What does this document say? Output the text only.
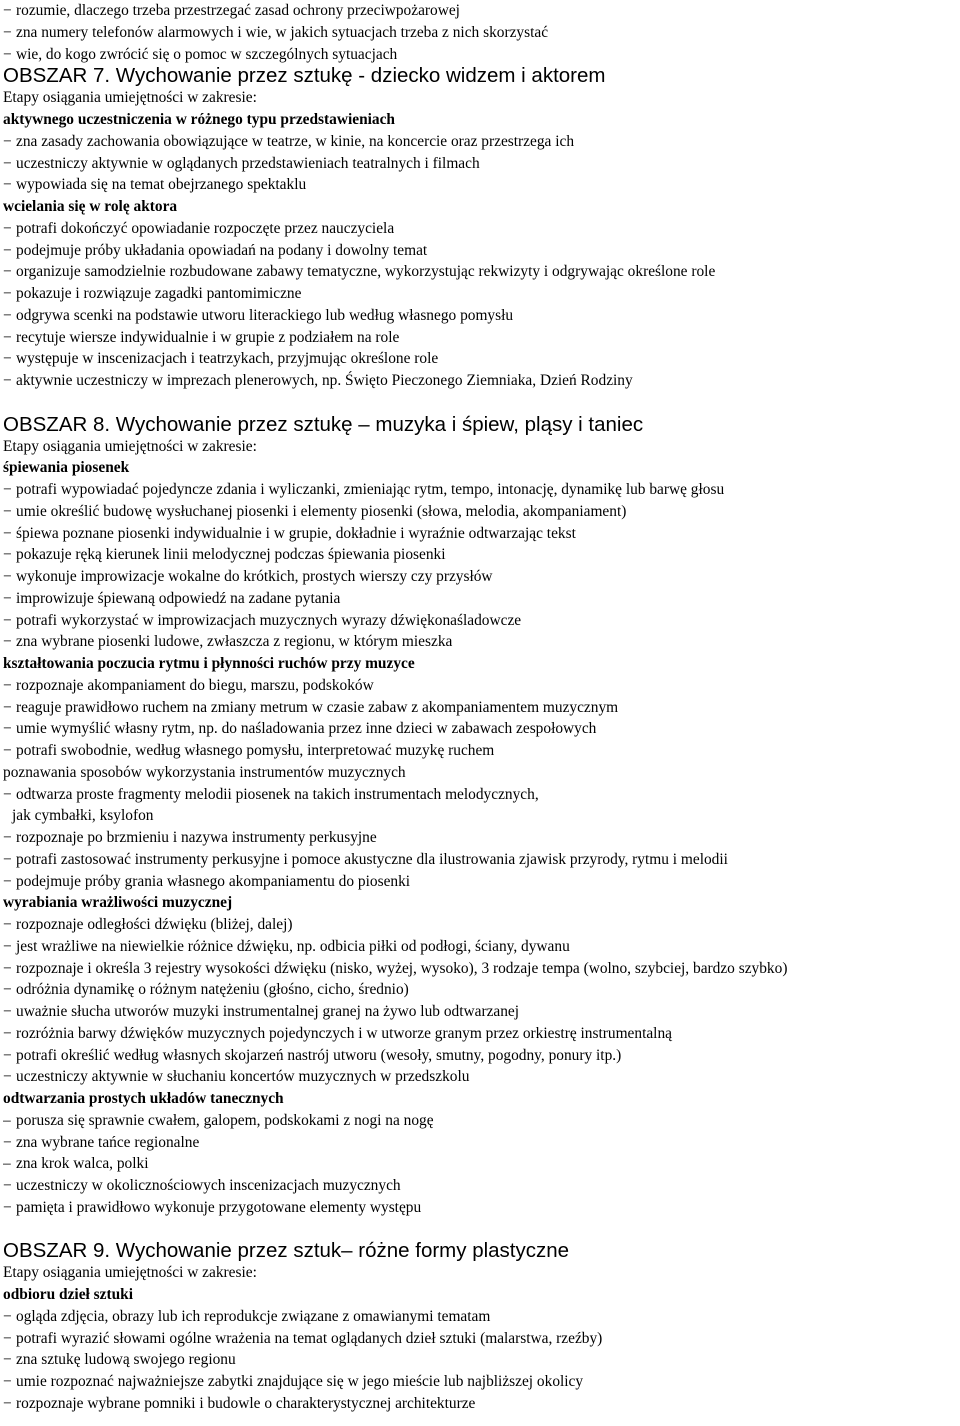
− rozumie, dlaczego trzeba przestrzegać zasad ochrony przeciwpożarowej
− zna numery telefonów alarmowych i wie, w jakich sytuacjach trzeba z nich skorzystać
− wie, do kogo zwrócić się o pomoc w szczególnych sytuacjach
OBSZAR 7. Wychowanie przez sztukę - dziecko widzem i aktorem
Etapy osiągania umiejętności w zakresie:
aktywnego uczestniczenia w różnego typu przedstawieniach
− zna zasady zachowania obowiązujące w teatrze, w kinie, na koncercie oraz przestrzega ich
− uczestniczy aktywnie w oglądanych przedstawieniach teatralnych i filmach
− wypowiada się na temat obejrzanego spektaklu
wcielania się w rolę aktora
− potrafi dokończyć opowiadanie rozpoczęte przez nauczyciela
− podejmuje próby układania opowiadań na podany i dowolny temat
− organizuje samodzielnie rozbudowane zabawy tematyczne, wykorzystując rekwizyty i odgrywając określone role
− pokazuje i rozwiązuje zagadki pantomimiczne
− odgrywa scenki na podstawie utworu literackiego lub według własnego pomysłu
− recytuje wiersze indywidualnie i w grupie z podziałem na role
− występuje w inscenizacjach i teatrzykach, przyjmując określone role
− aktywnie uczestniczy w imprezach plenerowych, np. Święto Pieczonego Ziemniaka, Dzień Rodziny
OBSZAR 8. Wychowanie przez sztukę – muzyka i śpiew, pląsy i taniec
Etapy osiągania umiejętności w zakresie:
śpiewania piosenek
− potrafi wypowiadać pojedyncze zdania i wyliczanki, zmieniając rytm, tempo, intonację, dynamikę lub barwę głosu
− umie określić budowę wysłuchanej piosenki i elementy piosenki (słowa, melodia, akompaniament)
− śpiewa poznane piosenki indywidualnie i w grupie, dokładnie i wyraźnie odtwarzając tekst
− pokazuje ręką kierunek linii melodycznej podczas śpiewania piosenki
− wykonuje improwizacje wokalne do krótkich, prostych wierszy czy przysłów
− improwizuje śpiewaną odpowiedź na zadane pytania
− potrafi wykorzystać w improwizacjach muzycznych wyrazy dźwiękonaśladowcze
− zna wybrane piosenki ludowe, zwłaszcza z regionu, w którym mieszka
kształtowania poczucia rytmu i płynności ruchów przy muzyce
− rozpoznaje akompaniament do biegu, marszu, podskoków
− reaguje prawidłowo ruchem na zmiany metrum w czasie zabaw z akompaniamentem muzycznym
− umie wymyślić własny rytm, np. do naśladowania przez inne dzieci w zabawach zespołowych
− potrafi swobodnie, według własnego pomysłu, interpretować muzykę ruchem
poznawania sposobów wykorzystania instrumentów muzycznych
− odtwarza proste fragmenty melodii piosenek na takich instrumentach melodycznych,
jak cymbałki, ksylofon
− rozpoznaje po brzmieniu i nazywa instrumenty perkusyjne
− potrafi zastosować instrumenty perkusyjne i pomoce akustyczne dla ilustrowania zjawisk przyrody, rytmu i melodii
− podejmuje próby grania własnego akompaniamentu do piosenki
wyrabiania wrażliwości muzycznej
− rozpoznaje odległości dźwięku (bliżej, dalej)
− jest wrażliwe na niewielkie różnice dźwięku, np. odbicia piłki od podłogi, ściany, dywanu
− rozpoznaje i określa 3 rejestry wysokości dźwięku (nisko, wyżej, wysoko), 3 rodzaje tempa (wolno, szybciej, bardzo szybko)
− odróżnia dynamikę o różnym natężeniu (głośno, cicho, średnio)
− uważnie słucha utworów muzyki instrumentalnej granej na żywo lub odtwarzanej
− rozróżnia barwy dźwięków muzycznych pojedynczych i w utworze granym przez orkiestrę instrumentalną
− potrafi określić według własnych skojarzeń nastrój utworu (wesoły, smutny, pogodny, ponury itp.)
− uczestniczy aktywnie w słuchaniu koncertów muzycznych w przedszkolu
odtwarzania prostych układów tanecznych
– porusza się sprawnie cwałem, galopem, podskokami z nogi na nogę
− zna wybrane tańce regionalne
– zna krok walca, polki
− uczestniczy w okolicznościowych inscenizacjach muzycznych
− pamięta i prawidłowo wykonuje przygotowane elementy występu
OBSZAR 9. Wychowanie przez sztuk– różne formy plastyczne
Etapy osiągania umiejętności w zakresie:
odbioru dzieł sztuki
− ogląda zdjęcia, obrazy lub ich reprodukcje związane z omawianymi tematam
− potrafi wyrazić słowami ogólne wrażenia na temat oglądanych dzieł sztuki (malarstwa, rzeźby)
− zna sztukę ludową swojego regionu
− umie rozpoznać najważniejsze zabytki znajdujące się w jego mieście lub najbliższej okolicy
− rozpoznaje wybrane pomniki i budowle o charakterystycznej architekturze
